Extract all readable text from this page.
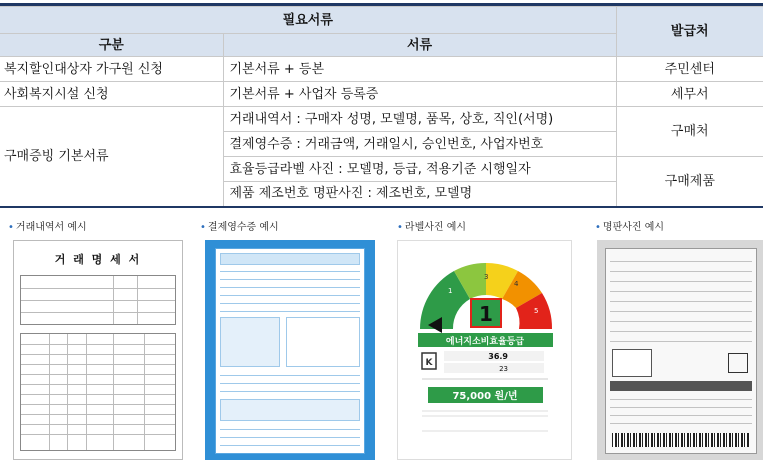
필요서류		발급처
구분	서류	
복지할인대상자 가구원 신청	기본서류 + 등본	주민센터
사회복지시설 신청	기본서류 + 사업자 등록증	세무서
구매증빙 기본서류	거래내역서 : 구매자 성명, 모델명, 품목, 상호, 직인(서명)	구매처
	결제영수증 : 거래금액, 거래일시, 승인번호, 사업자번호	
	효율등급라벨 사진 : 모델명, 등급, 적용기준 시행일자	구매제품
	제품 제조번호 명판사진 : 제조번호, 모델명	
• 거래내역서 예시
거 래 명 세 서
• 결제영수증 예시	• 라벨사진 예시
1
3
4
5
1
에너지소비효율등급
K
36.9
23
75,000 원/년
• 명판사진 예시
